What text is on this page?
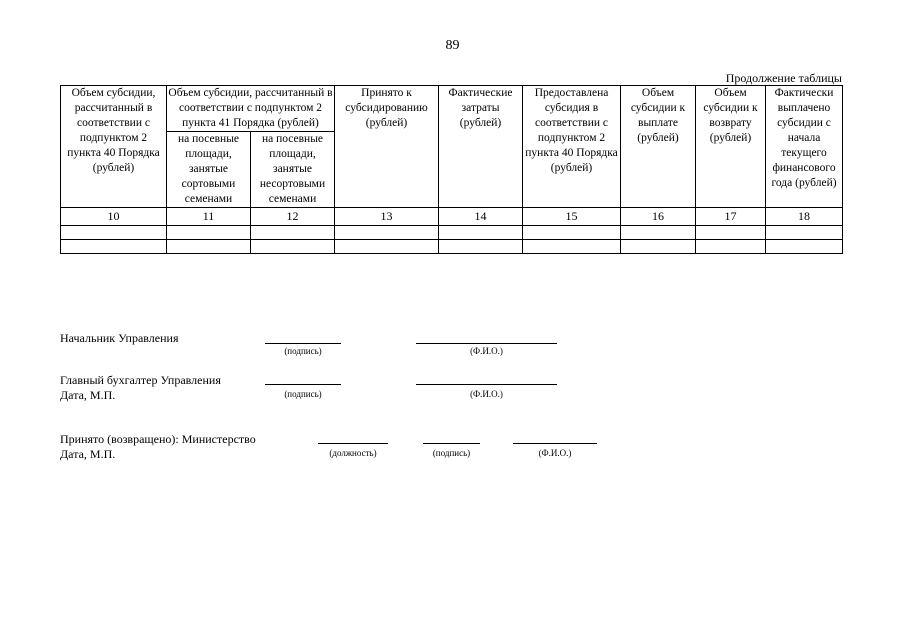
89
Продолжение таблицы
Объем субсидии, рассчитанный в соответствии с подпунктом 2 пункта 40 Порядка (рублей)	Объем субсидии, рассчитанный в соответствии с подпунктом 2 пункта 41 Порядка (рублей)		Принято к субсидированию (рублей)	Фактические затраты (рублей)	Предоставлена субсидия в соответствии с подпунктом 2 пункта 40 Порядка (рублей)	Объем субсидии к выплате (рублей)	Объем субсидии к возврату (рублей)	Фактически выплачено субсидии с начала текущего финансового года (рублей)
	на посевные площади, занятые сортовыми семенами	на посевные площади, занятые несортовыми семенами						
10	11	12	13	14	15	16	17	18

Начальник Управления
(подпись)	(Ф.И.О.)
Главный бухгалтер Управления
Дата, М.П.	(подпись)	(Ф.И.О.)
Принято (возвращено): Министерство
Дата, М.П.	(должность)	(подпись)	(Ф.И.О.)
